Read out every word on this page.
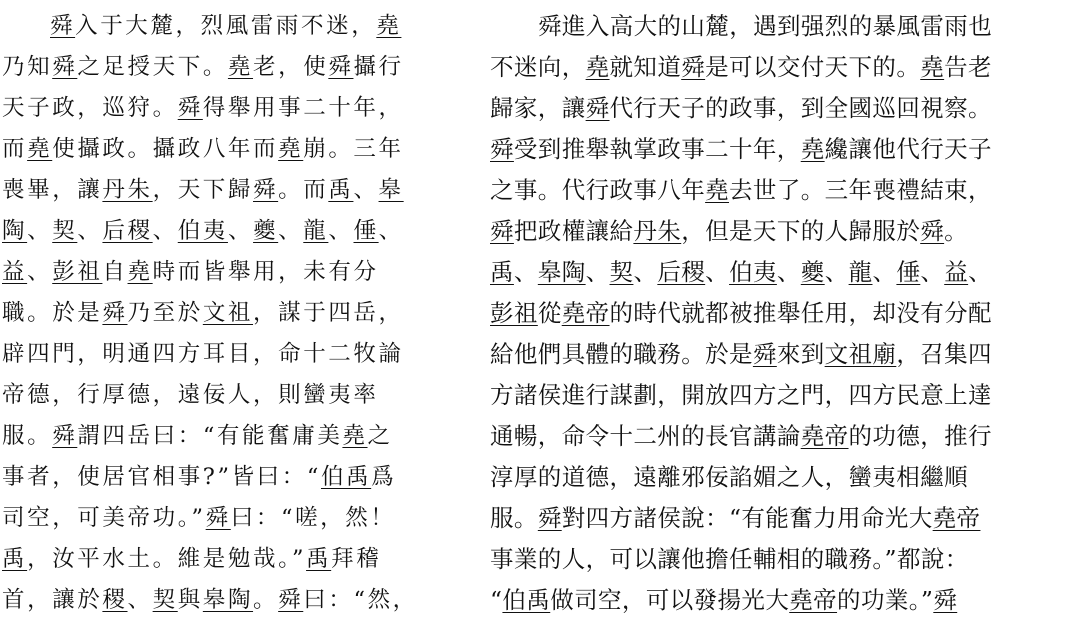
舜入于大麓，烈風雷雨不迷，堯
乃知舜之足授天下。堯老，使舜攝行
天子政，巡狩。舜得舉用事二十年，
而堯使攝政。攝政八年而堯崩。三年
喪畢，讓丹朱，天下歸舜。而禹、皋
陶、契、后稷、伯夷、夔、龍、倕、
益、彭祖自堯時而皆舉用，未有分
職。於是舜乃至於文祖，謀于四岳，
辟四門，明通四方耳目，命十二牧論
帝德，行厚德，遠佞人，則蠻夷率
服。舜謂四岳曰：“有能奮庸美堯之
事者，使居官相事?”皆曰：“伯禹爲
司空，可美帝功。”舜曰：“嗟，然！
禹，汝平水土。維是勉哉。”禹拜稽
首，讓於稷、契與皋陶。舜曰：“然，
舜進入高大的山麓，遇到强烈的暴風雷雨也
不迷向，堯就知道舜是可以交付天下的。堯告老
歸家，讓舜代行天子的政事，到全國巡回視察。
舜受到推舉執掌政事二十年，堯纔讓他代行天子
之事。代行政事八年堯去世了。三年喪禮結束，
舜把政權讓給丹朱，但是天下的人歸服於舜。
禹、皋陶、契、后稷、伯夷、夔、龍、倕、益、
彭祖從堯帝的時代就都被推舉任用，却没有分配
給他們具體的職務。於是舜來到文祖廟，召集四
方諸侯進行謀劃，開放四方之門，四方民意上達
通暢，命令十二州的長官講論堯帝的功德，推行
淳厚的道德，遠離邪佞諂媚之人，蠻夷相繼順
服。舜對四方諸侯說：“有能奮力用命光大堯帝
事業的人，可以讓他擔任輔相的職務。”都說：
“伯禹做司空，可以發揚光大堯帝的功業。”舜
